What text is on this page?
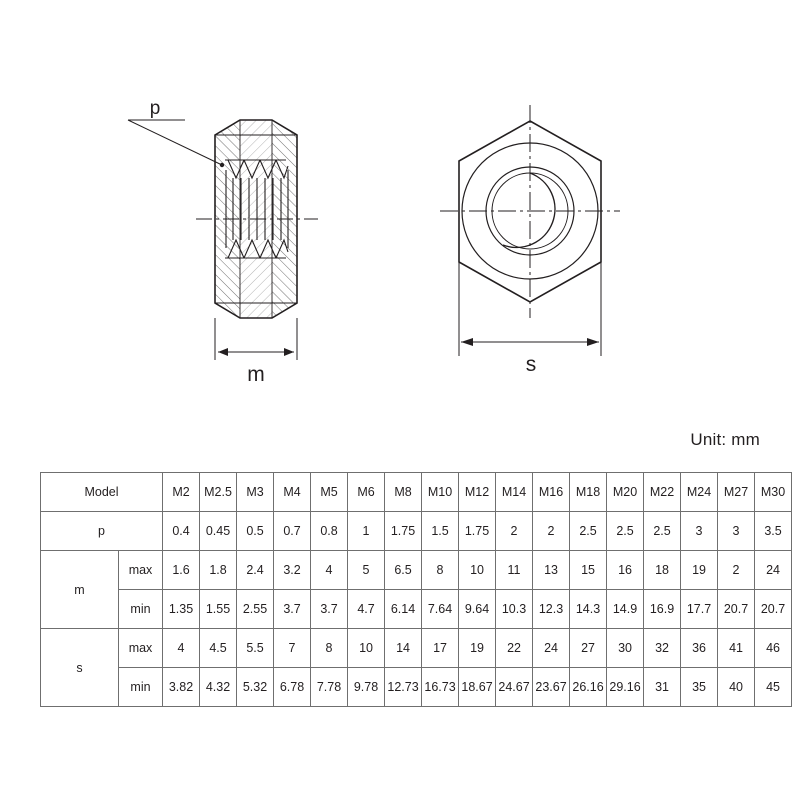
p
m	s
Unit: mm
Model		M2	M2.5	M3	M4	M5	M6	M8	M10	M12	M14	M16	M18	M20	M22	M24	M27	M30
p		0.4	0.45	0.5	0.7	0.8	1	1.75	1.5	1.75	2	2	2.5	2.5	2.5	3	3	3.5
m	max	1.6	1.8	2.4	3.2	4	5	6.5	8	10	11	13	15	16	18	19	2	24
	min	1.35	1.55	2.55	3.7	3.7	4.7	6.14	7.64	9.64	10.3	12.3	14.3	14.9	16.9	17.7	20.7	20.7
s	max	4	4.5	5.5	7	8	10	14	17	19	22	24	27	30	32	36	41	46
	min	3.82	4.32	5.32	6.78	7.78	9.78	12.73	16.73	18.67	24.67	23.67	26.16	29.16	31	35	40	45
